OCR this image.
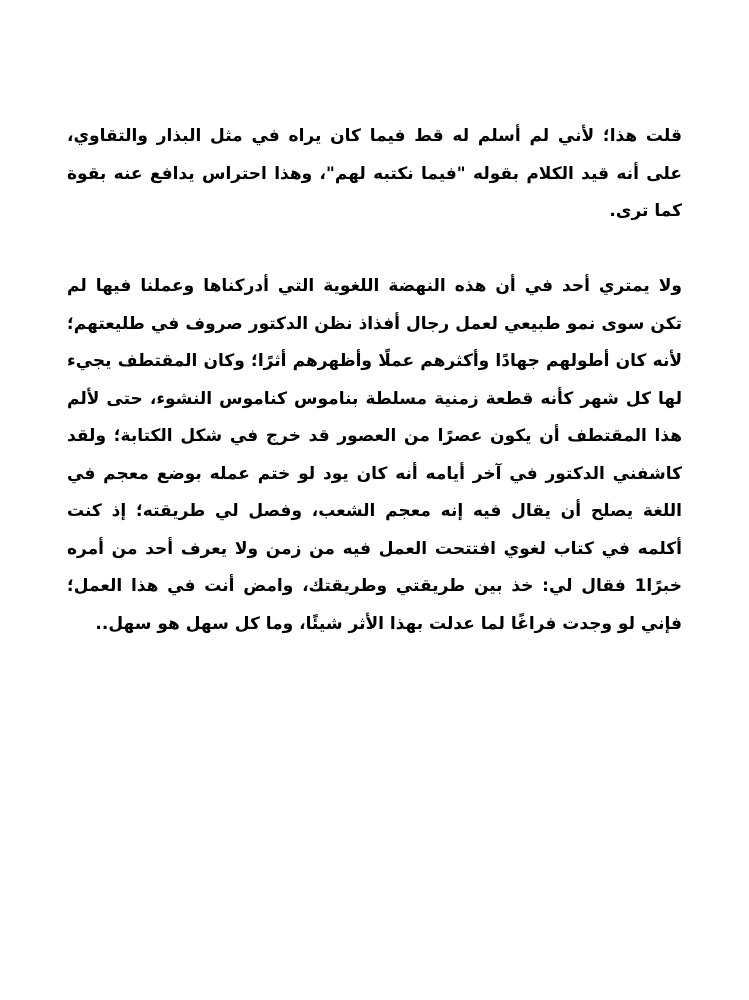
قلت هذا؛ لأني لم أسلم له قط فيما كان يراه في مثل البذار والتقاوي، على أنه قيد الكلام بقوله "فيما نكتبه لهم"، وهذا احتراس يدافع عنه بقوة كما ترى.

ولا يمتري أحد في أن هذه النهضة اللغوية التي أدركناها وعملنا فيها لم تكن سوى نمو طبيعي لعمل رجال أفذاذ نظن الدكتور صروف في طليعتهم؛ لأنه كان أطولهم جهادًا وأكثرهم عملًا وأظهرهم أثرًا؛ وكان المقتطف يجيء لها كل شهر كأنه قطعة زمنية مسلطة بناموس كناموس النشوء، حتى لألم هذا المقتطف أن يكون عصرًا من العصور قد خرج في شكل الكتابة؛ ولقد كاشفني الدكتور في آخر أيامه أنه كان يود لو ختم عمله بوضع معجم في اللغة يصلح أن يقال فيه إنه معجم الشعب، وفصل لي طريقته؛ إذ كنت أكلمه في كتاب لغوي افتتحت العمل فيه من زمن ولا يعرف أحد من أمره خبرًا1 فقال لي: خذ بين طريقتي وطريقتك، وامض أنت في هذا العمل؛ فإني لو وجدت فراغًا لما عدلت بهذا الأثر شيئًا، وما كل سهل هو سهل..
